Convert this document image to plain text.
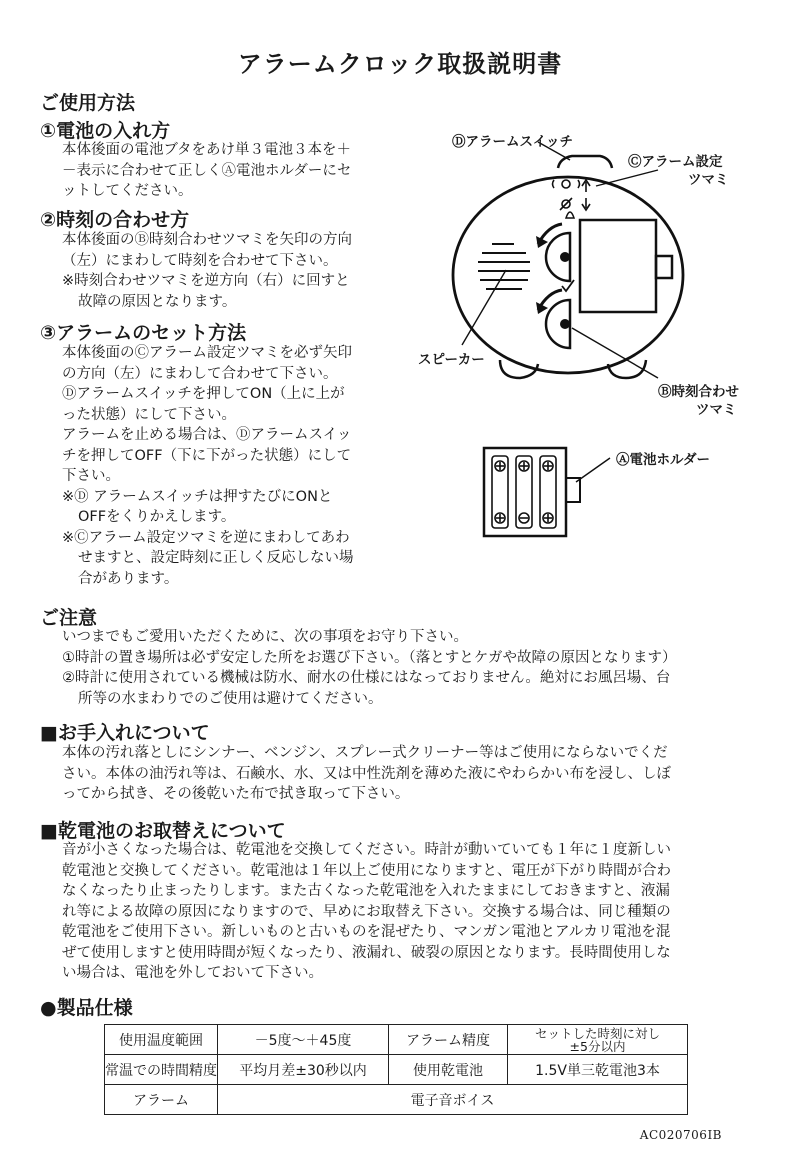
アラームクロック取扱説明書
ご使用方法
①電池の入れ方
本体後面の電池ブタをあけ単３電池３本を＋
－表示に合わせて正しくⒶ電池ホルダーにセ
ットしてください。
②時刻の合わせ方
本体後面のⒷ時刻合わせツマミを矢印の方向
（左）にまわして時刻を合わせて下さい。
※時刻合わせツマミを逆方向（右）に回すと
故障の原因となります。
③アラームのセット方法
本体後面のⒸアラーム設定ツマミを必ず矢印
の方向（左）にまわして合わせて下さい。
Ⓓアラームスイッチを押してON（上に上が
った状態）にして下さい。
アラームを止める場合は、Ⓓアラームスイッ
チを押してOFF（下に下がった状態）にして
下さい。
※Ⓓ アラームスイッチは押すたびにONと
OFFをくりかえします。
※Ⓒアラーム設定ツマミを逆にまわしてあわ
せますと、設定時刻に正しく反応しない場
合があります。
Ⓓアラームスイッチ
Ⓒアラーム設定
ツマミ
スピーカー
Ⓑ時刻合わせ
ツマミ
Ⓐ電池ホルダー
ご注意
いつまでもご愛用いただくために、次の事項をお守り下さい。
①時計の置き場所は必ず安定した所をお選び下さい。（落とすとケガや故障の原因となります）
②時計に使用されている機械は防水、耐水の仕様にはなっておりません。絶対にお風呂場、台
所等の水まわりでのご使用は避けてください。
■お手入れについて
本体の汚れ落としにシンナー、ベンジン、スプレー式クリーナー等はご使用にならないでくだ
さい。本体の油汚れ等は、石鹸水、水、又は中性洗剤を薄めた液にやわらかい布を浸し、しぼ
ってから拭き、その後乾いた布で拭き取って下さい。
■乾電池のお取替えについて
音が小さくなった場合は、乾電池を交換してください。時計が動いていても１年に１度新しい
乾電池と交換してください。乾電池は１年以上ご使用になりますと、電圧が下がり時間が合わ
なくなったり止まったりします。また古くなった乾電池を入れたままにしておきますと、液漏
れ等による故障の原因になりますので、早めにお取替え下さい。交換する場合は、同じ種類の
乾電池をご使用下さい。新しいものと古いものを混ぜたり、マンガン電池とアルカリ電池を混
ぜて使用しますと使用時間が短くなったり、液漏れ、破裂の原因となります。長時間使用しな
い場合は、電池を外しておいて下さい。
●製品仕様
使用温度範囲	－5度～＋45度	アラーム精度	セットした時刻に対し
±5分以内

常温での時間精度	平均月差±30秒以内	使用乾電池	1.5V単三乾電池3本
アラーム	電子音ボイス		
AC020706IB
